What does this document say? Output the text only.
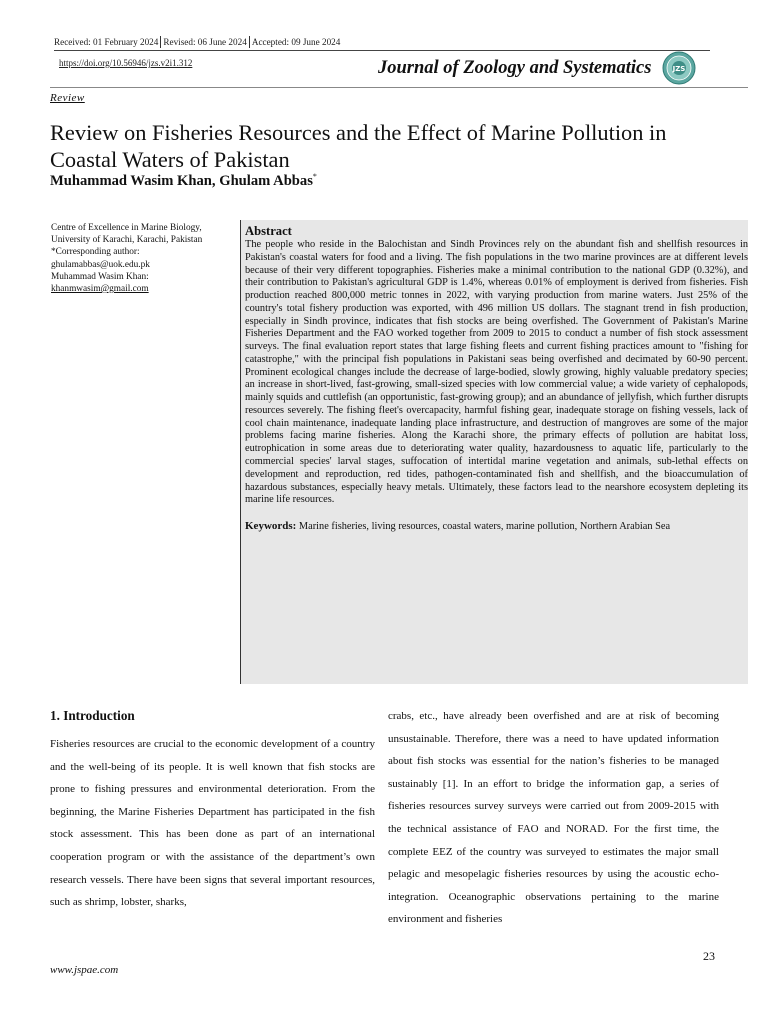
Received: 01 February 2024 Revised: 06 June 2024 Accepted: 09 June 2024
https://doi.org/10.56946/jzs.v2i1.312	Journal of Zoology and Systematics	JZS
Review
Review on Fisheries Resources and the Effect of Marine Pollution in Coastal Waters of Pakistan
Muhammad Wasim Khan, Ghulam Abbas*
Centre of Excellence in Marine Biology,
University of Karachi, Karachi, Pakistan
*Corresponding author:
ghulamabbas@uok.edu.pk
Muhammad Wasim Khan:
khanmwasim@gmail.com
Abstract

The people who reside in the Balochistan and Sindh Provinces rely on the abundant fish and shellfish resources in Pakistan's coastal waters for food and a living. The fish populations in the two marine provinces are at different levels because of their very different topographies. Fisheries make a minimal contribution to the national GDP (0.32%), and their contribution to Pakistan's agricultural GDP is 1.4%, whereas 0.01% of employment is derived from fisheries. Fish production reached 800,000 metric tonnes in 2022, with varying production from marine waters. Just 25% of the country's total fishery production was exported, with 496 million US dollars. The stagnant trend in fish production, especially in Sindh province, indicates that fish stocks are being overfished. The Government of Pakistan's Marine Fisheries Department and the FAO worked together from 2009 to 2015 to conduct a number of fish stock assessment surveys. The final evaluation report states that large fishing fleets and current fishing practices amount to "fishing for catastrophe," with the principal fish populations in Pakistani seas being overfished and decimated by 60-90 percent. Prominent ecological changes include the decrease of large-bodied, slowly growing, highly valuable predatory species; an increase in short-lived, fast-growing, small-sized species with low commercial value; a wide variety of cephalopods, mainly squids and cuttlefish (an opportunistic, fast-growing group); and an abundance of jellyfish, which further disrupts resources severely. The fishing fleet's overcapacity, harmful fishing gear, inadequate storage on fishing vessels, lack of cool chain maintenance, inadequate landing place infrastructure, and destruction of mangroves are some of the major problems facing marine fisheries. Along the Karachi shore, the primary effects of pollution are habitat loss, eutrophication in some areas due to deteriorating water quality, hazardousness to aquatic life, particularly to the commercial species' larval stages, suffocation of intertidal marine vegetation and animals, sub-lethal effects on development and reproduction, red tides, pathogen-contaminated fish and shellfish, and the bioaccumulation of hazardous substances, especially heavy metals. Ultimately, these factors lead to the nearshore ecosystem depleting its marine life resources.

Keywords: Marine fisheries, living resources, coastal waters, marine pollution, Northern Arabian Sea
1. Introduction
Fisheries resources are crucial to the economic development of a country and the well-being of its people. It is well known that fish stocks are prone to fishing pressures and environmental deterioration. From the beginning, the Marine Fisheries Department has participated in the fish stock assessment. This has been done as part of an international cooperation program or with the assistance of the department’s own research vessels. There have been signs that several important resources, such as shrimp, lobster, sharks,
crabs, etc., have already been overfished and are at risk of becoming unsustainable. Therefore, there was a need to have updated information about fish stocks was essential for the nation’s fisheries to be managed sustainably [1]. In an effort to bridge the information gap, a series of fisheries resources survey surveys were carried out from 2009-2015 with the technical assistance of FAO and NORAD. For the first time, the complete EEZ of the country was surveyed to estimates the major small pelagic and mesopelagic fisheries resources by using the acoustic echo-integration. Oceanographic observations pertaining to the marine environment and fisheries
www.jspae.com
23
